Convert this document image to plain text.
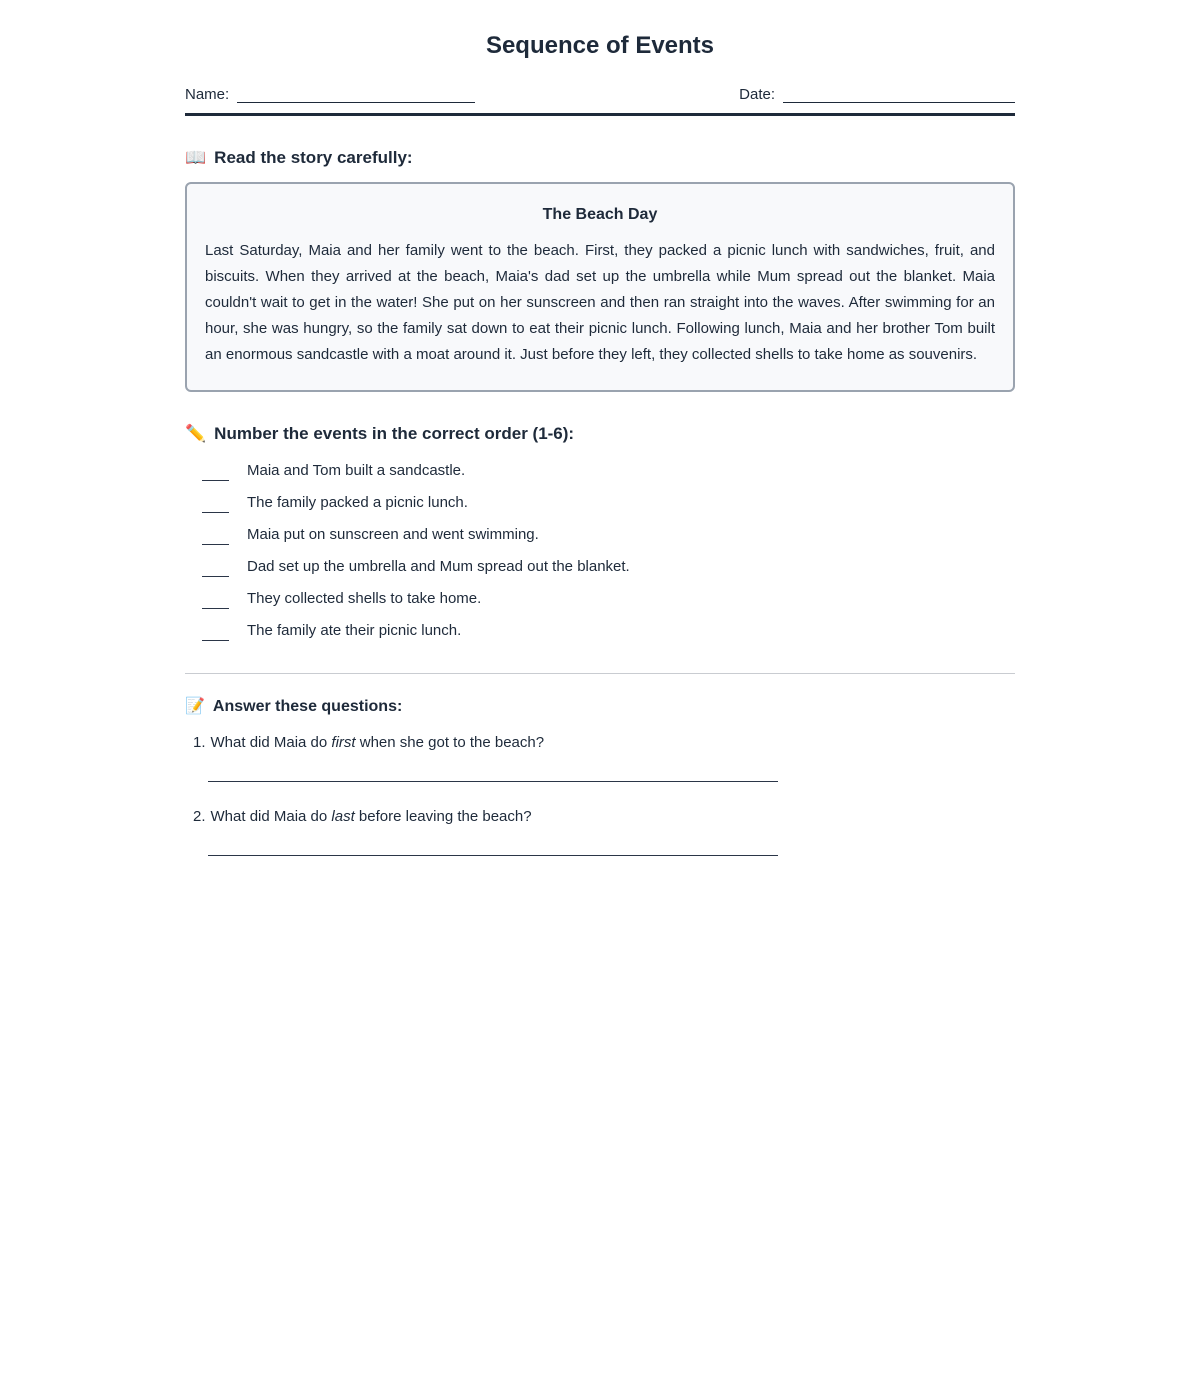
Sequence of Events
Name:	Date:
📖 Read the story carefully:
The Beach Day

Last Saturday, Maia and her family went to the beach. First, they packed a picnic lunch with sandwiches, fruit, and biscuits. When they arrived at the beach, Maia's dad set up the umbrella while Mum spread out the blanket. Maia couldn't wait to get in the water! She put on her sunscreen and then ran straight into the waves. After swimming for an hour, she was hungry, so the family sat down to eat their picnic lunch. Following lunch, Maia and her brother Tom built an enormous sandcastle with a moat around it. Just before they left, they collected shells to take home as souvenirs.

✏️ Number the events in the correct order (1-6):
Maia and Tom built a sandcastle.
The family packed a picnic lunch.
Maia put on sunscreen and went swimming.
Dad set up the umbrella and Mum spread out the blanket.
They collected shells to take home.
The family ate their picnic lunch.
📝 Answer these questions:

1. What did Maia do first when she got to the beach?

2. What did Maia do last before leaving the beach?
